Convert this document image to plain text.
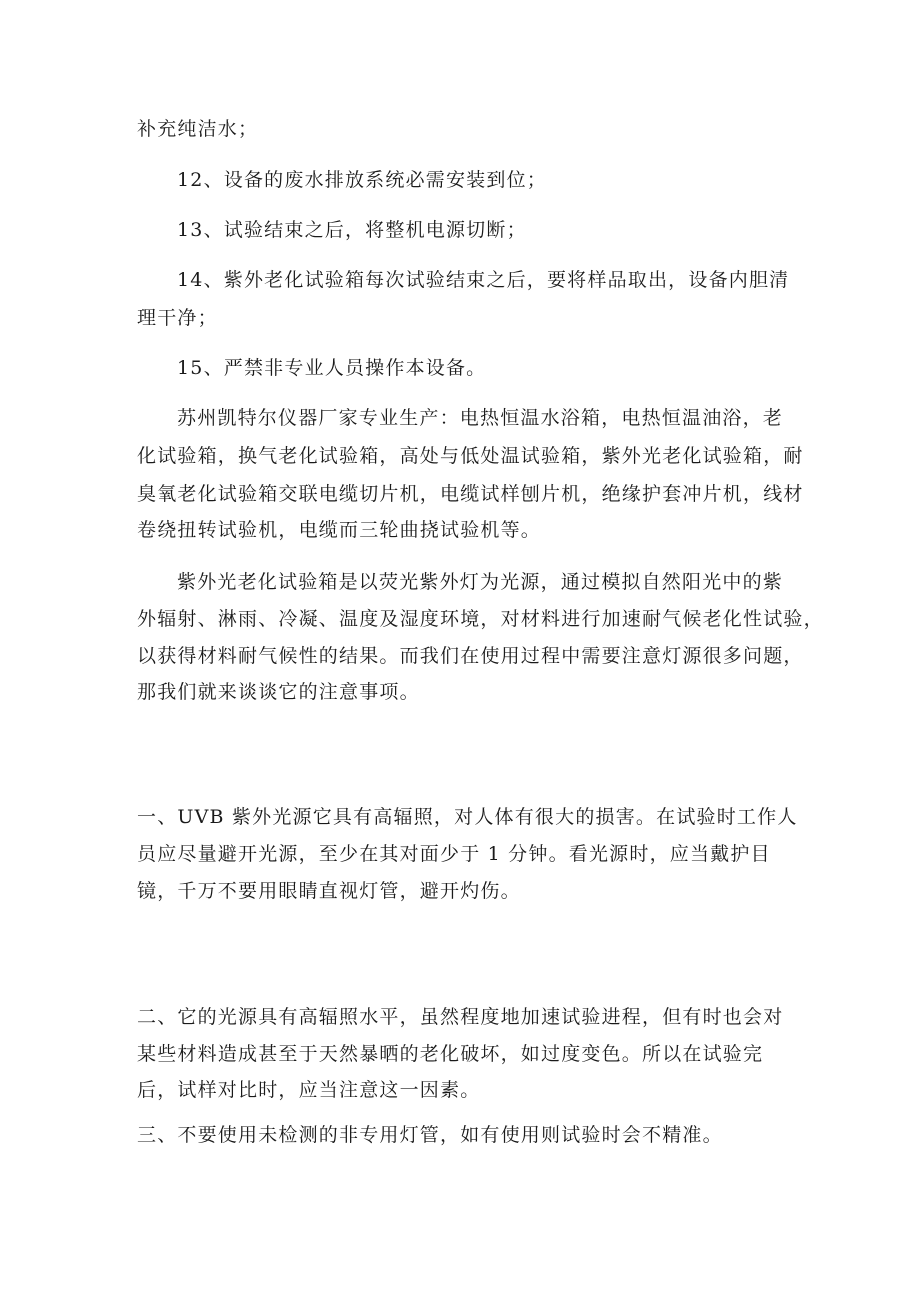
补充纯洁水；
12、设备的废水排放系统必需安装到位；
13、试验结束之后，将整机电源切断；
14、紫外老化试验箱每次试验结束之后，要将样品取出，设备内胆清
理干净；
15、严禁非专业人员操作本设备。
苏州凯特尔仪器厂家专业生产：电热恒温水浴箱，电热恒温油浴，老
化试验箱，换气老化试验箱，高处与低处温试验箱，紫外光老化试验箱，耐
臭氧老化试验箱交联电缆切片机，电缆试样刨片机，绝缘护套冲片机，线材
卷绕扭转试验机，电缆而三轮曲挠试验机等。
紫外光老化试验箱是以荧光紫外灯为光源，通过模拟自然阳光中的紫
外辐射、淋雨、冷凝、温度及湿度环境，对材料进行加速耐气候老化性试验，
以获得材料耐气候性的结果。而我们在使用过程中需要注意灯源很多问题，
那我们就来谈谈它的注意事项。
一、UVB 紫外光源它具有高辐照，对人体有很大的损害。在试验时工作人
员应尽量避开光源，至少在其对面少于 1 分钟。看光源时，应当戴护目
镜，千万不要用眼睛直视灯管，避开灼伤。
二、它的光源具有高辐照水平，虽然程度地加速试验进程，但有时也会对
某些材料造成甚至于天然暴晒的老化破坏，如过度变色。所以在试验完
后，试样对比时，应当注意这一因素。
三、不要使用未检测的非专用灯管，如有使用则试验时会不精准。
